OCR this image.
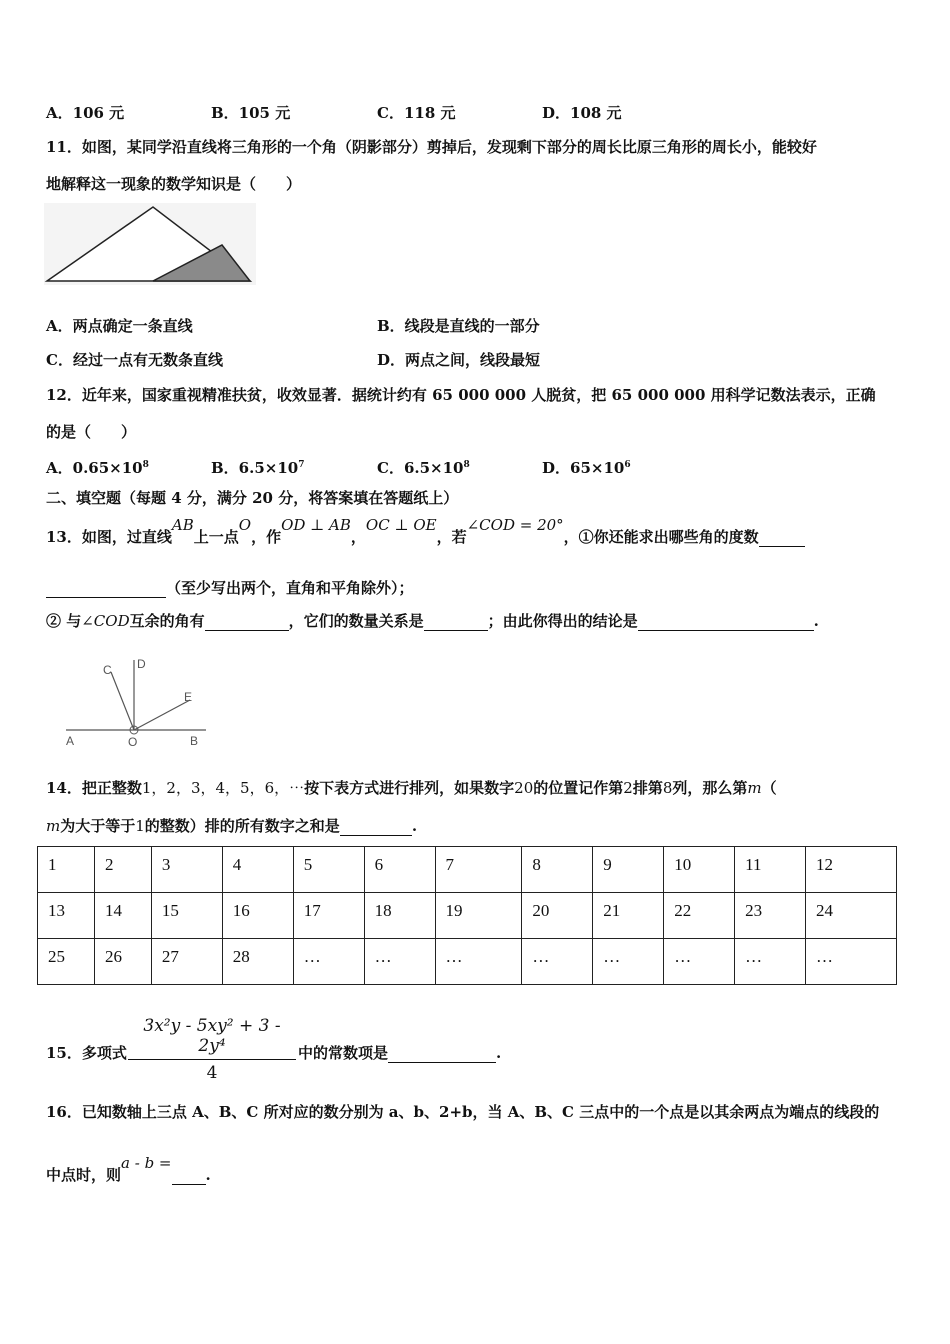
A．106 元	B．105 元	C．118 元	D．108 元
11．如图，某同学沿直线将三角形的一个角（阴影部分）剪掉后，发现剩下部分的周长比原三角形的周长小，能较好
地解释这一现象的数学知识是（　　）
A．两点确定一条直线	B．线段是直线的一部分
C．经过一点有无数条直线	D．两点之间，线段最短
12．近年来，国家重视精准扶贫，收效显著．据统计约有 65 000 000 人脱贫，把 65 000 000 用科学记数法表示，正确
的是（　　）
A．$0.65\times 10^8$	B．$6.5\times 10^7$	C．$6.5\times 10^8$	D．$65\times 10^6$
二、填空题（每题 4 分，满分 20 分，将答案填在答题纸上）
13．如图，过直线AB上一点O，作OD ⊥ AB，OC ⊥ OE，若∠COD = 20°，①你还能求出哪些角的度数
（至少写出两个，直角和平角除外）；
② 与∠COD互余的角有	，它们的数量关系是	；由此你得出的结论是	.
A	O	B
C D
E
14．把正整数1，2，3，4，5，6，⋯按下表方式进行排列，如果数字20的位置记作第2排第8列，那么第m（
m为大于等于1的整数）排的所有数字之和是	.
1	2	3	4	5	6	7	8	9	10	11	12
13	14	15	16	17	18	19	20	21	22	23	24
25	26	27	28	…	…	…	…	…	…	…	…
3x²y - 5xy² + 3 - 2y⁴
4
15．多项式	中的常数项是	.
16．已知数轴上三点 A、B、C 所对应的数分别为 a、b、2+b，当 A、B、C 三点中的一个点是以其余两点为端点的线段的
中点时，则a - b =.
